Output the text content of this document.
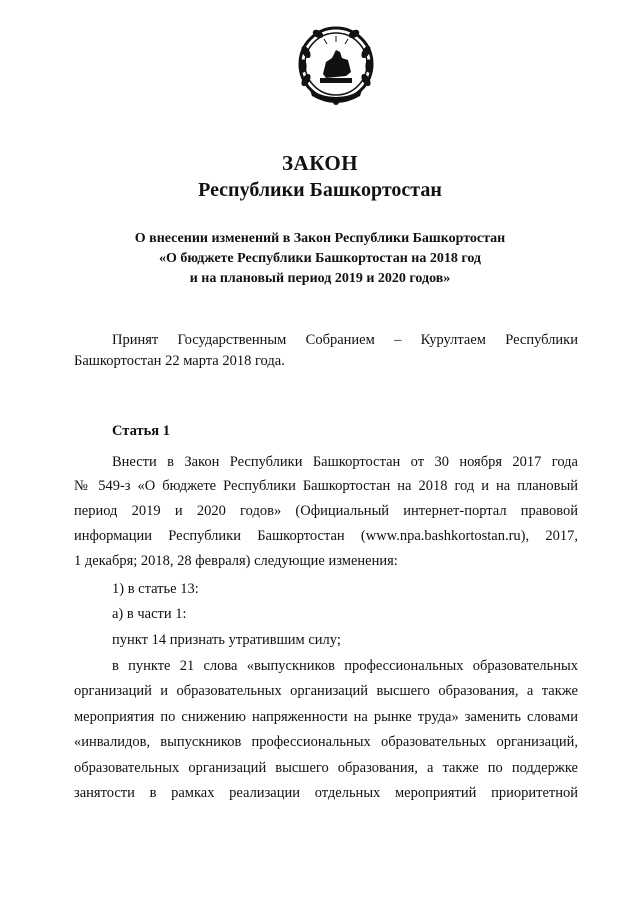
ЗАКОН
Республики Башкортостан
О внесении изменений в Закон Республики Башкортостан
«О бюджете Республики Башкортостан на 2018 год
и на плановый период 2019 и 2020 годов»
Принят Государственным Собранием – Курултаем Республики
Башкортостан 22 марта 2018 года.
Статья 1
Внести в Закон Республики Башкортостан от 30 ноября 2017 года
№ 549-з «О бюджете Республики Башкортостан на 2018 год и на плановый
период 2019 и 2020 годов» (Официальный интернет-портал правовой
информации Республики Башкортостан (www.npa.bashkortostan.ru), 2017,
1 декабря; 2018, 28 февраля) следующие изменения:
1) в статье 13:
а) в части 1:
пункт 14 признать утратившим силу;
в пункте 21 слова «выпускников профессиональных образовательных
организаций и образовательных организаций высшего образования, а также
мероприятия по снижению напряженности на рынке труда» заменить словами
«инвалидов, выпускников профессиональных образовательных организаций,
образовательных организаций высшего образования, а также по поддержке
занятости в рамках реализации отдельных мероприятий приоритетной
